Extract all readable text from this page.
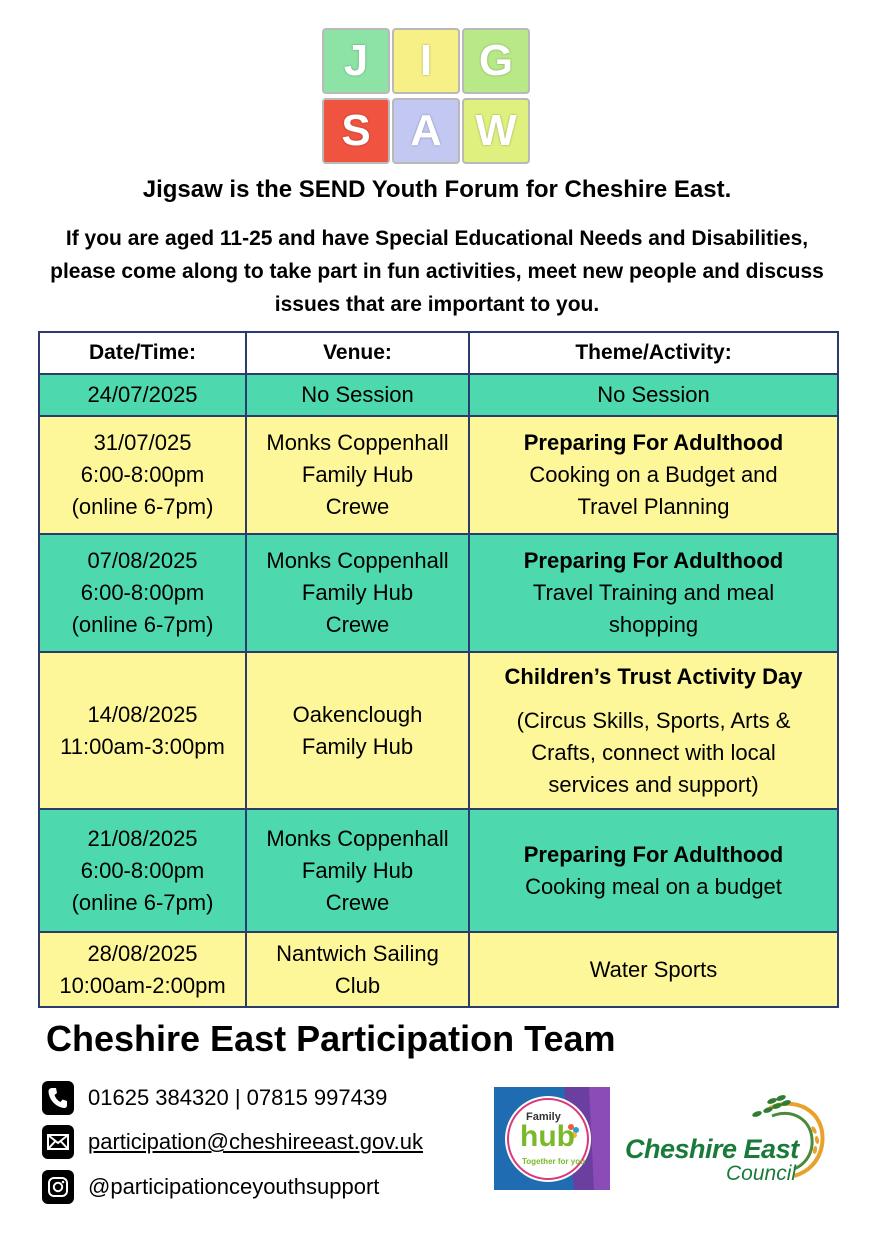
J I G
S A W
Jigsaw is the SEND Youth Forum for Cheshire East.

If you are aged 11-25 and have Special Educational Needs and Disabilities, please come along to take part in fun activities, meet new people and discuss issues that are important to you.

Date/Time:	Venue:	Theme/Activity:

24/07/2025	No Session	No Session

31/07/025
6:00-8:00pm
(online 6-7pm)	Monks Coppenhall
Family Hub
Crewe	Preparing For Adulthood
Cooking on a Budget and
Travel Planning

07/08/2025
6:00-8:00pm
(online 6-7pm)	Monks Coppenhall
Family Hub
Crewe	Preparing For Adulthood
Travel Training and meal
shopping

14/08/2025
11:00am-3:00pm	Oakenclough
Family Hub	Children’s Trust Activity Day
(Circus Skills, Sports, Arts &
Crafts, connect with local
services and support)

21/08/2025
6:00-8:00pm
(online 6-7pm)	Monks Coppenhall
Family Hub
Crewe	Preparing For Adulthood
Cooking meal on a budget

28/08/2025
10:00am-2:00pm	Nantwich Sailing
Club	Water Sports
Cheshire East Participation Team
01625 384320 | 07815 997439
participation@cheshireeast.gov.uk
@participationceyouthsupport
Family
hub
Together for you Cheshire East
Council
